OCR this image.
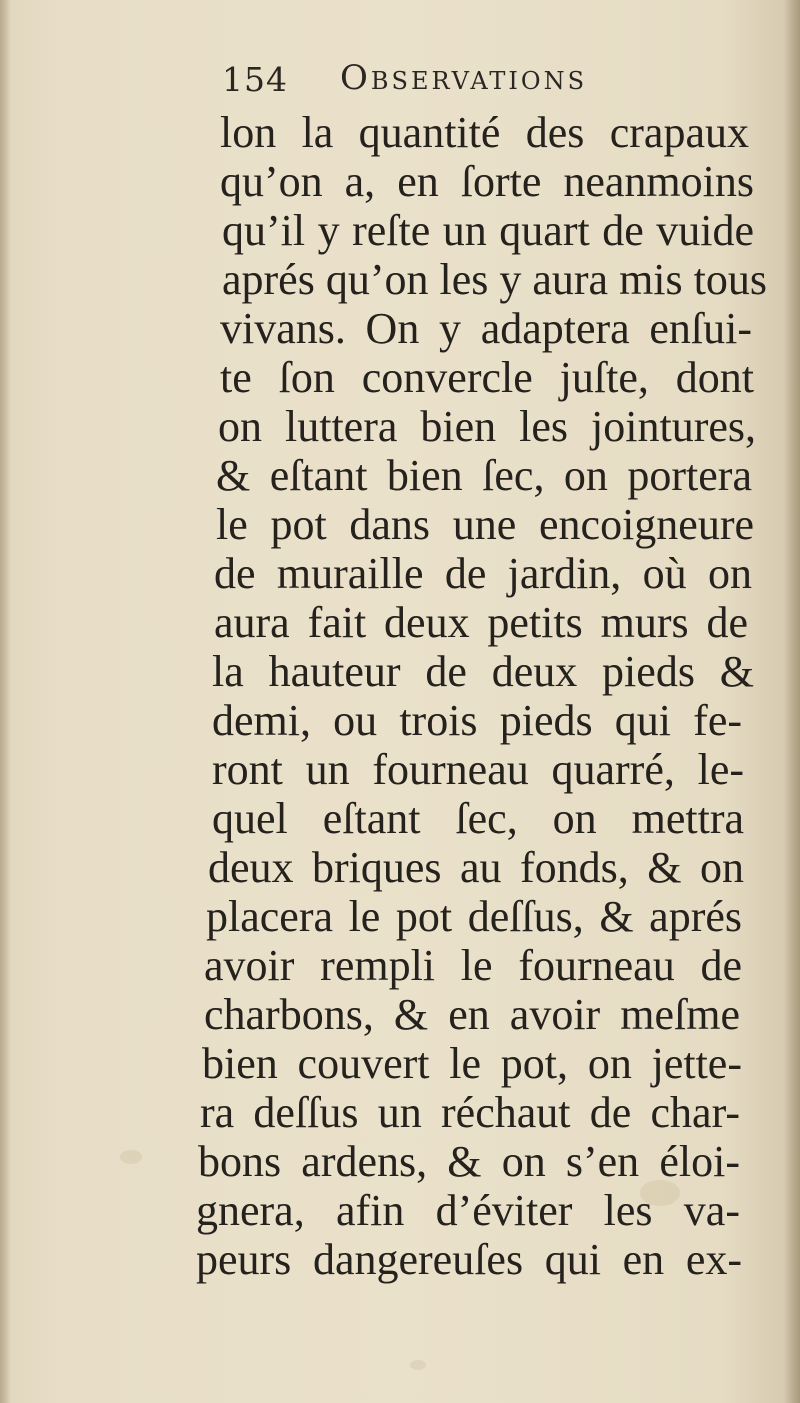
154 Observations
lon la quantité des crapaux
qu’on a, en ſorte neanmoins
qu’il y reſte un quart de vuide
aprés qu’on les y aura mis tous
vivans. On y adaptera enſui-
te ſon convercle juſte, dont
on luttera bien les jointures,
& eſtant bien ſec, on portera
le pot dans une encoigneure
de muraille de jardin, où on
aura fait deux petits murs de
la hauteur de deux pieds &
demi, ou trois pieds qui fe-
ront un fourneau quarré, le-
quel eſtant ſec, on mettra
deux briques au fonds, & on
placera le pot deſſus, & aprés
avoir rempli le fourneau de
charbons, & en avoir meſme
bien couvert le pot, on jette-
ra deſſus un réchaut de char-
bons ardens, & on s’en éloi-
gnera, afin d’éviter les va-
peurs dangereuſes qui en ex-
